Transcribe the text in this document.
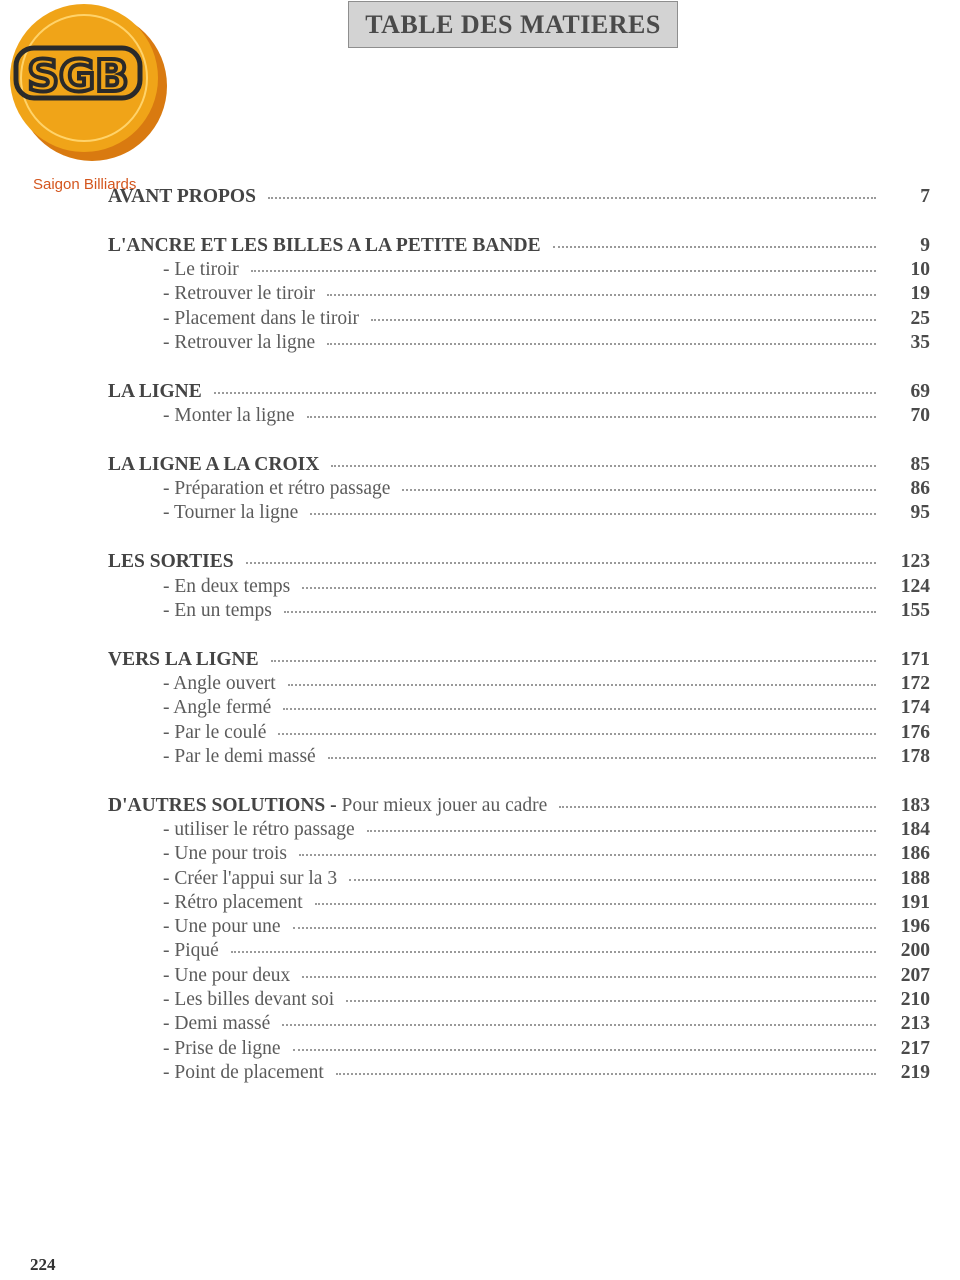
SGB
Saigon Billiards
TABLE DES MATIERES
AVANT PROPOS	7
L'ANCRE ET LES BILLES A LA PETITE BANDE	9
- Le tiroir	10
- Retrouver le tiroir	19
- Placement dans le tiroir	25
- Retrouver la ligne	35
LA LIGNE	69
- Monter la ligne	70
LA LIGNE A LA CROIX	85
- Préparation et rétro passage	86
- Tourner la ligne	95
LES SORTIES	123
- En deux temps	124
- En un temps	155
VERS LA LIGNE	171
- Angle ouvert	172
- Angle fermé	174
- Par le coulé	176
- Par le demi massé	178
D'AUTRES SOLUTIONS - Pour mieux jouer au cadre	183
- utiliser le rétro passage	184
- Une pour trois	186
- Créer l'appui sur la 3	188
- Rétro placement	191
- Une pour une	196
- Piqué	200
- Une pour deux	207
- Les billes devant soi	210
- Demi massé	213
- Prise de ligne	217
- Point de placement	219
224
